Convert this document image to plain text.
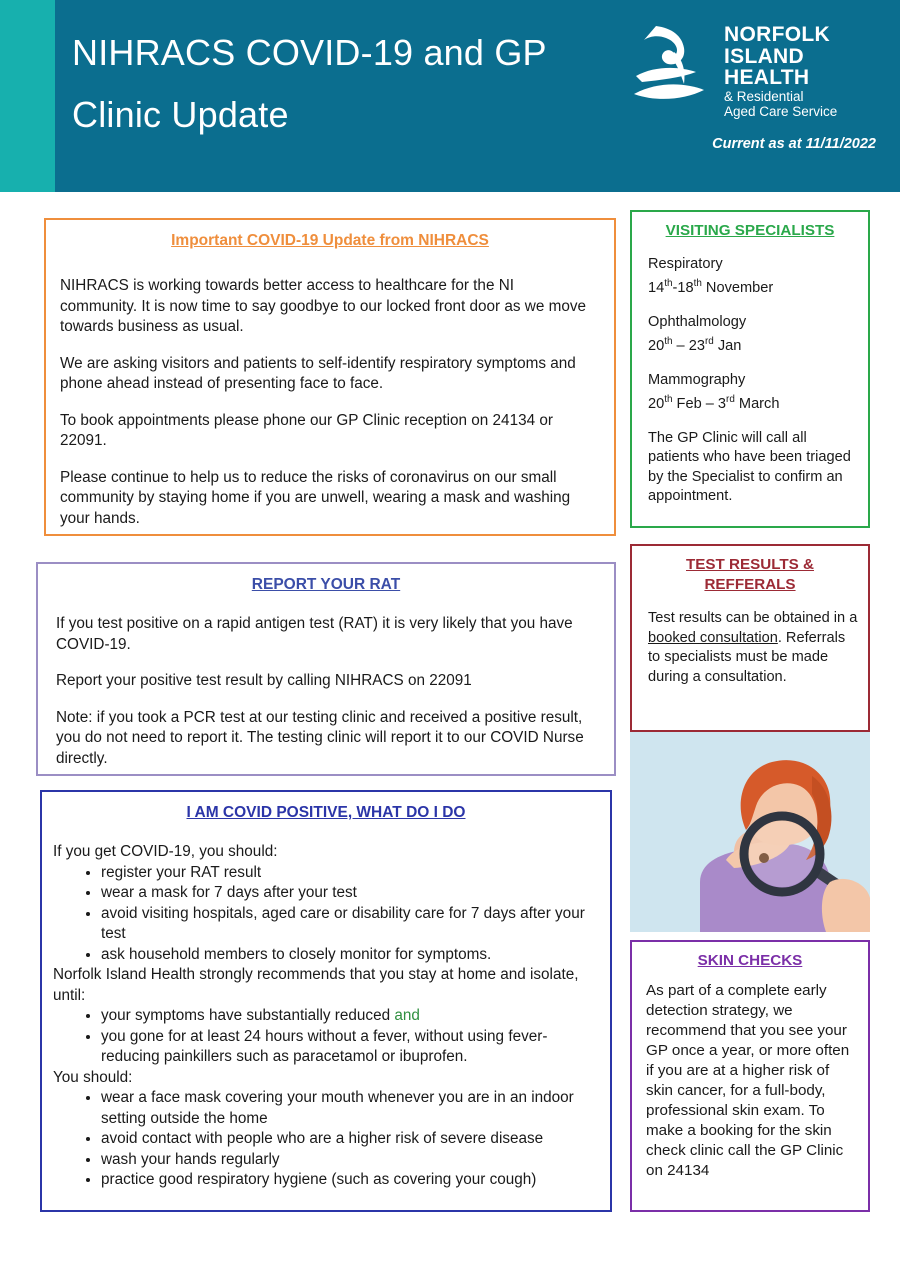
NIHRACS COVID-19 and GP Clinic Update
NORFOLK
ISLAND
HEALTH
& Residential
Aged Care Service
Current as at 11/11/2022
Important COVID-19 Update from NIHRACS

NIHRACS is working towards better access to healthcare for the NI community. It is now time to say goodbye to our locked front door as we move towards business as usual.

We are asking visitors and patients to self-identify respiratory symptoms and phone ahead instead of presenting face to face.

To book appointments please phone our GP Clinic reception on 24134 or 22091.

Please continue to help us to reduce the risks of coronavirus on our small community by staying home if you are unwell, wearing a mask and washing your hands.

REPORT YOUR RAT

If you test positive on a rapid antigen test (RAT) it is very likely that you have COVID-19.

Report your positive test result by calling NIHRACS on 22091

Note: if you took a PCR test at our testing clinic and received a positive result, you do not need to report it. The testing clinic will report it to our COVID Nurse directly.

I AM COVID POSITIVE, WHAT DO I DO

If you get COVID-19, you should:

• register your RAT result
• wear a mask for 7 days after your test
• avoid visiting hospitals, aged care or disability care for 7 days after your test
• ask household members to closely monitor for symptoms.

Norfolk Island Health strongly recommends that you stay at home and isolate, until:

• your symptoms have substantially reduced and
• you gone for at least 24 hours without a fever, without using fever-reducing painkillers such as paracetamol or ibuprofen.

You should:

• wear a face mask covering your mouth whenever you are in an indoor setting outside the home
• avoid contact with people who are a higher risk of severe disease
• wash your hands regularly
• practice good respiratory hygiene (such as covering your cough)
VISITING SPECIALISTS

Respiratory
14th-18th November

Ophthalmology
20th – 23rd Jan

Mammography
20th Feb – 3rd March

The GP Clinic will call all patients who have been triaged by the Specialist to confirm an appointment.

TEST RESULTS &
REFFERALS
Test results can be obtained in a booked consultation. Referrals to specialists must be made during a consultation.
SKIN CHECKS
As part of a complete early detection strategy, we recommend that you see your GP once a year, or more often if you are at a higher risk of skin cancer, for a full-body, professional skin exam. To make a booking for the skin check clinic call the GP Clinic on 24134
